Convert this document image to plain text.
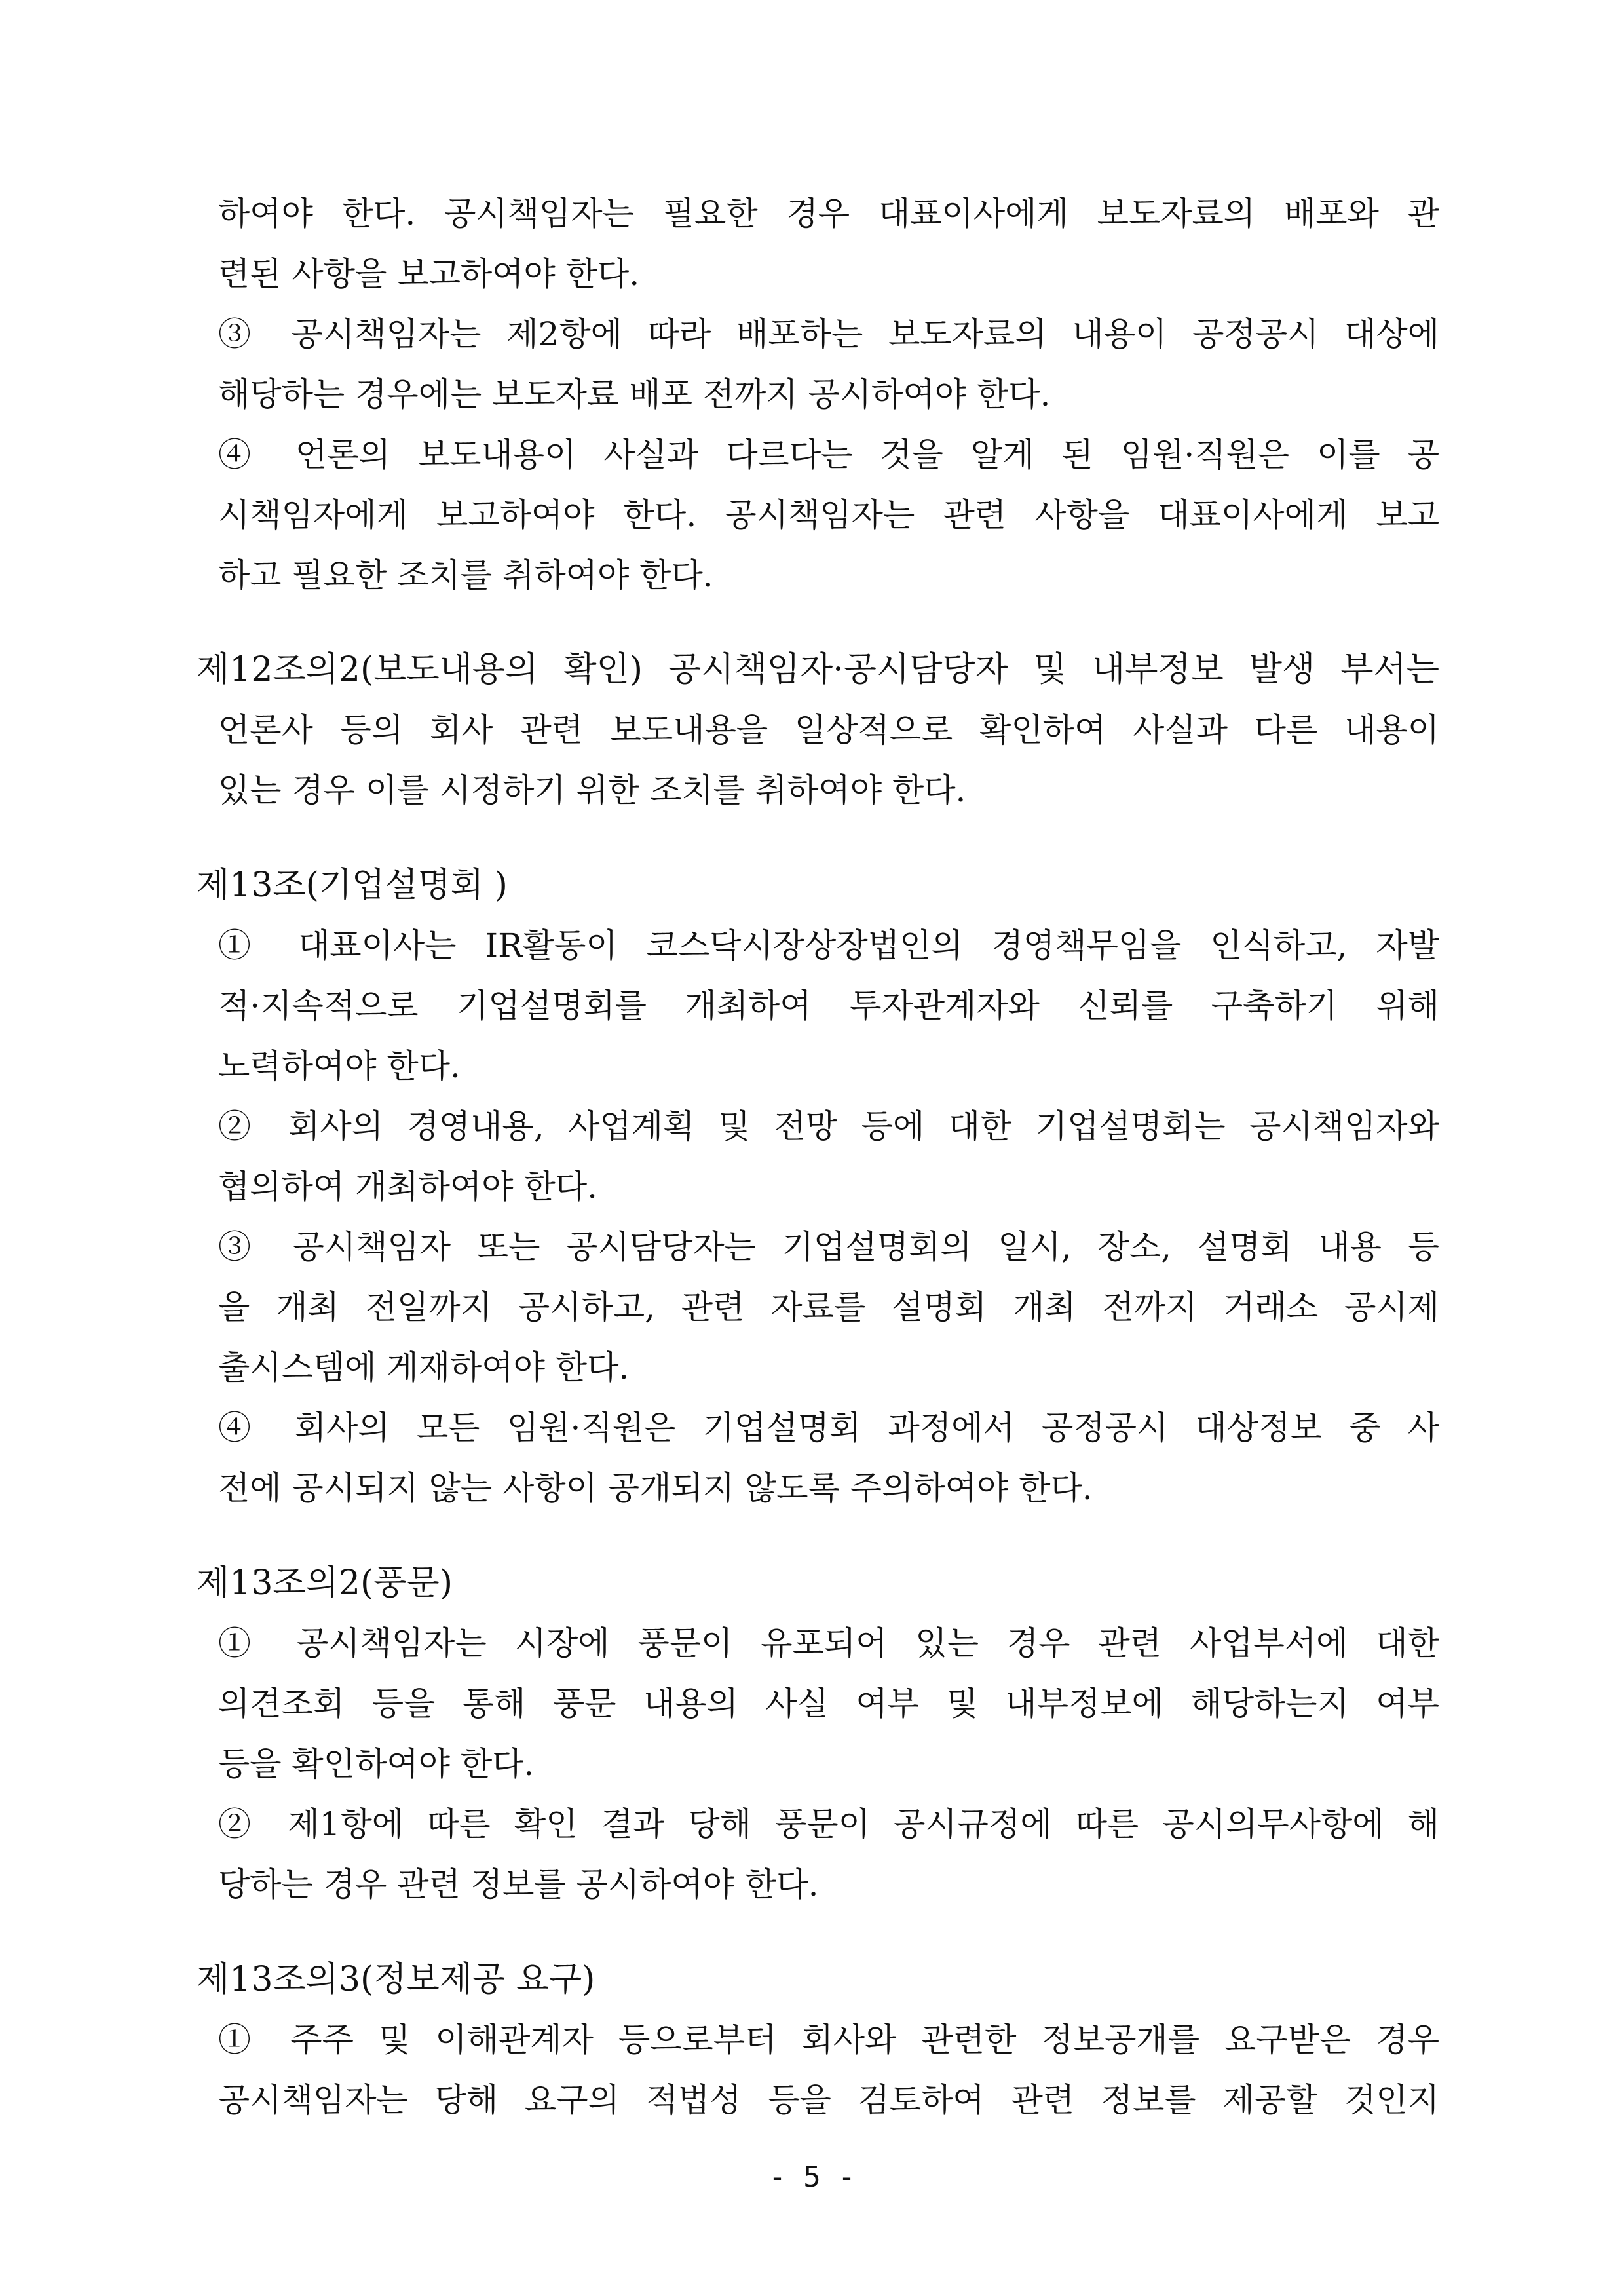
하여야 한다. 공시책임자는 필요한 경우 대표이사에게 보도자료의 배포와 관
련된 사항을 보고하여야 한다.
③ 공시책임자는 제2항에 따라 배포하는 보도자료의 내용이 공정공시 대상에
해당하는 경우에는 보도자료 배포 전까지 공시하여야 한다.
④ 언론의 보도내용이 사실과 다르다는 것을 알게 된 임원·직원은 이를 공
시책임자에게 보고하여야 한다. 공시책임자는 관련 사항을 대표이사에게 보고
하고 필요한 조치를 취하여야 한다.
제12조의2(보도내용의 확인) 공시책임자·공시담당자 및 내부정보 발생 부서는
언론사 등의 회사 관련 보도내용을 일상적으로 확인하여 사실과 다른 내용이
있는 경우 이를 시정하기 위한 조치를 취하여야 한다.
제13조(기업설명회 )
① 대표이사는 IR활동이 코스닥시장상장법인의 경영책무임을 인식하고, 자발
적·지속적으로 기업설명회를 개최하여 투자관계자와 신뢰를 구축하기 위해
노력하여야 한다.
② 회사의 경영내용, 사업계획 및 전망 등에 대한 기업설명회는 공시책임자와
협의하여 개최하여야 한다.
③ 공시책임자 또는 공시담당자는 기업설명회의 일시, 장소, 설명회 내용 등
을 개최 전일까지 공시하고, 관련 자료를 설명회 개최 전까지 거래소 공시제
출시스템에 게재하여야 한다.
④ 회사의 모든 임원·직원은 기업설명회 과정에서 공정공시 대상정보 중 사
전에 공시되지 않는 사항이 공개되지 않도록 주의하여야 한다.
제13조의2(풍문)
① 공시책임자는 시장에 풍문이 유포되어 있는 경우 관련 사업부서에 대한
의견조회 등을 통해 풍문 내용의 사실 여부 및 내부정보에 해당하는지 여부
등을 확인하여야 한다.
② 제1항에 따른 확인 결과 당해 풍문이 공시규정에 따른 공시의무사항에 해
당하는 경우 관련 정보를 공시하여야 한다.
제13조의3(정보제공 요구)
① 주주 및 이해관계자 등으로부터 회사와 관련한 정보공개를 요구받은 경우
공시책임자는 당해 요구의 적법성 등을 검토하여 관련 정보를 제공할 것인지
- 5 -
